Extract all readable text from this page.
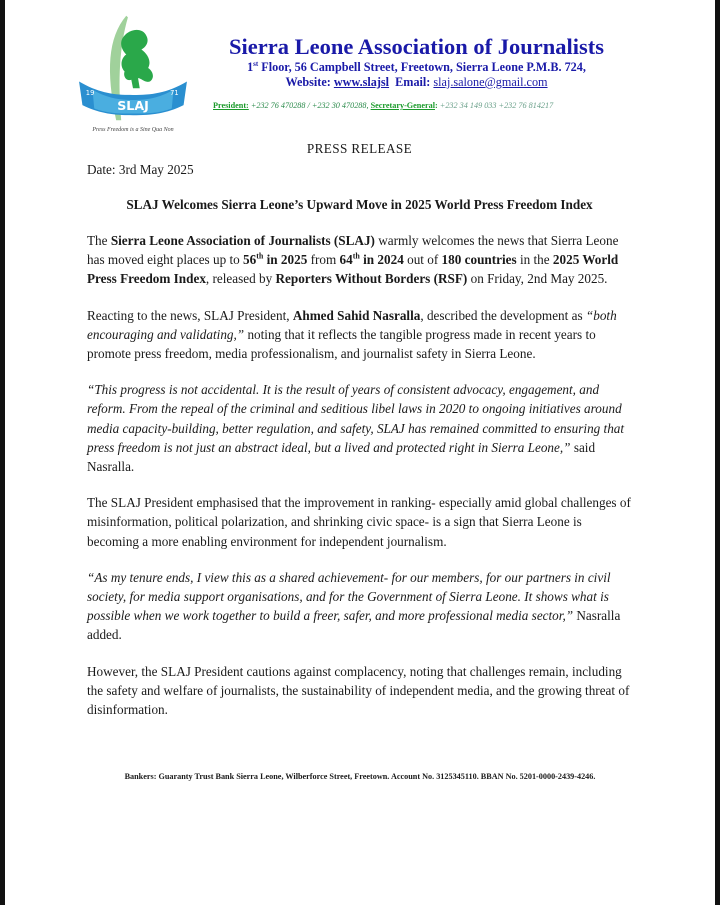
19	71
SLAJ
Press Freedom is a Sine Qua Non
Sierra Leone Association of Journalists
1st Floor, 56 Campbell Street, Freetown, Sierra Leone P.M.B. 724,
Website: www.slajsl Email: slaj.salone@gmail.com
President: +232 76 470288 / +232 30 470288, Secretary-General: +232 34 149 033 +232 76 814217
PRESS RELEASE
Date: 3rd May 2025
SLAJ Welcomes Sierra Leone’s Upward Move in 2025 World Press Freedom Index

The Sierra Leone Association of Journalists (SLAJ) warmly welcomes the news that Sierra Leone has moved eight places up to 56th in 2025 from 64th in 2024 out of 180 countries in the 2025 World Press Freedom Index, released by Reporters Without Borders (RSF) on Friday, 2nd May 2025.

Reacting to the news, SLAJ President, Ahmed Sahid Nasralla, described the development as “both encouraging and validating,” noting that it reflects the tangible progress made in recent years to promote press freedom, media professionalism, and journalist safety in Sierra Leone.

“This progress is not accidental. It is the result of years of consistent advocacy, engagement, and reform. From the repeal of the criminal and seditious libel laws in 2020 to ongoing initiatives around media capacity-building, better regulation, and safety, SLAJ has remained committed to ensuring that press freedom is not just an abstract ideal, but a lived and protected right in Sierra Leone,” said Nasralla.

The SLAJ President emphasised that the improvement in ranking- especially amid global challenges of misinformation, political polarization, and shrinking civic space- is a sign that Sierra Leone is becoming a more enabling environment for independent journalism.

“As my tenure ends, I view this as a shared achievement- for our members, for our partners in civil society, for media support organisations, and for the Government of Sierra Leone. It shows what is possible when we work together to build a freer, safer, and more professional media sector,” Nasralla added.

However, the SLAJ President cautions against complacency, noting that challenges remain, including the safety and welfare of journalists, the sustainability of independent media, and the growing threat of disinformation.

Bankers: Guaranty Trust Bank Sierra Leone, Wilberforce Street, Freetown. Account No. 3125345110. BBAN No. 5201-0000-2439-4246.
